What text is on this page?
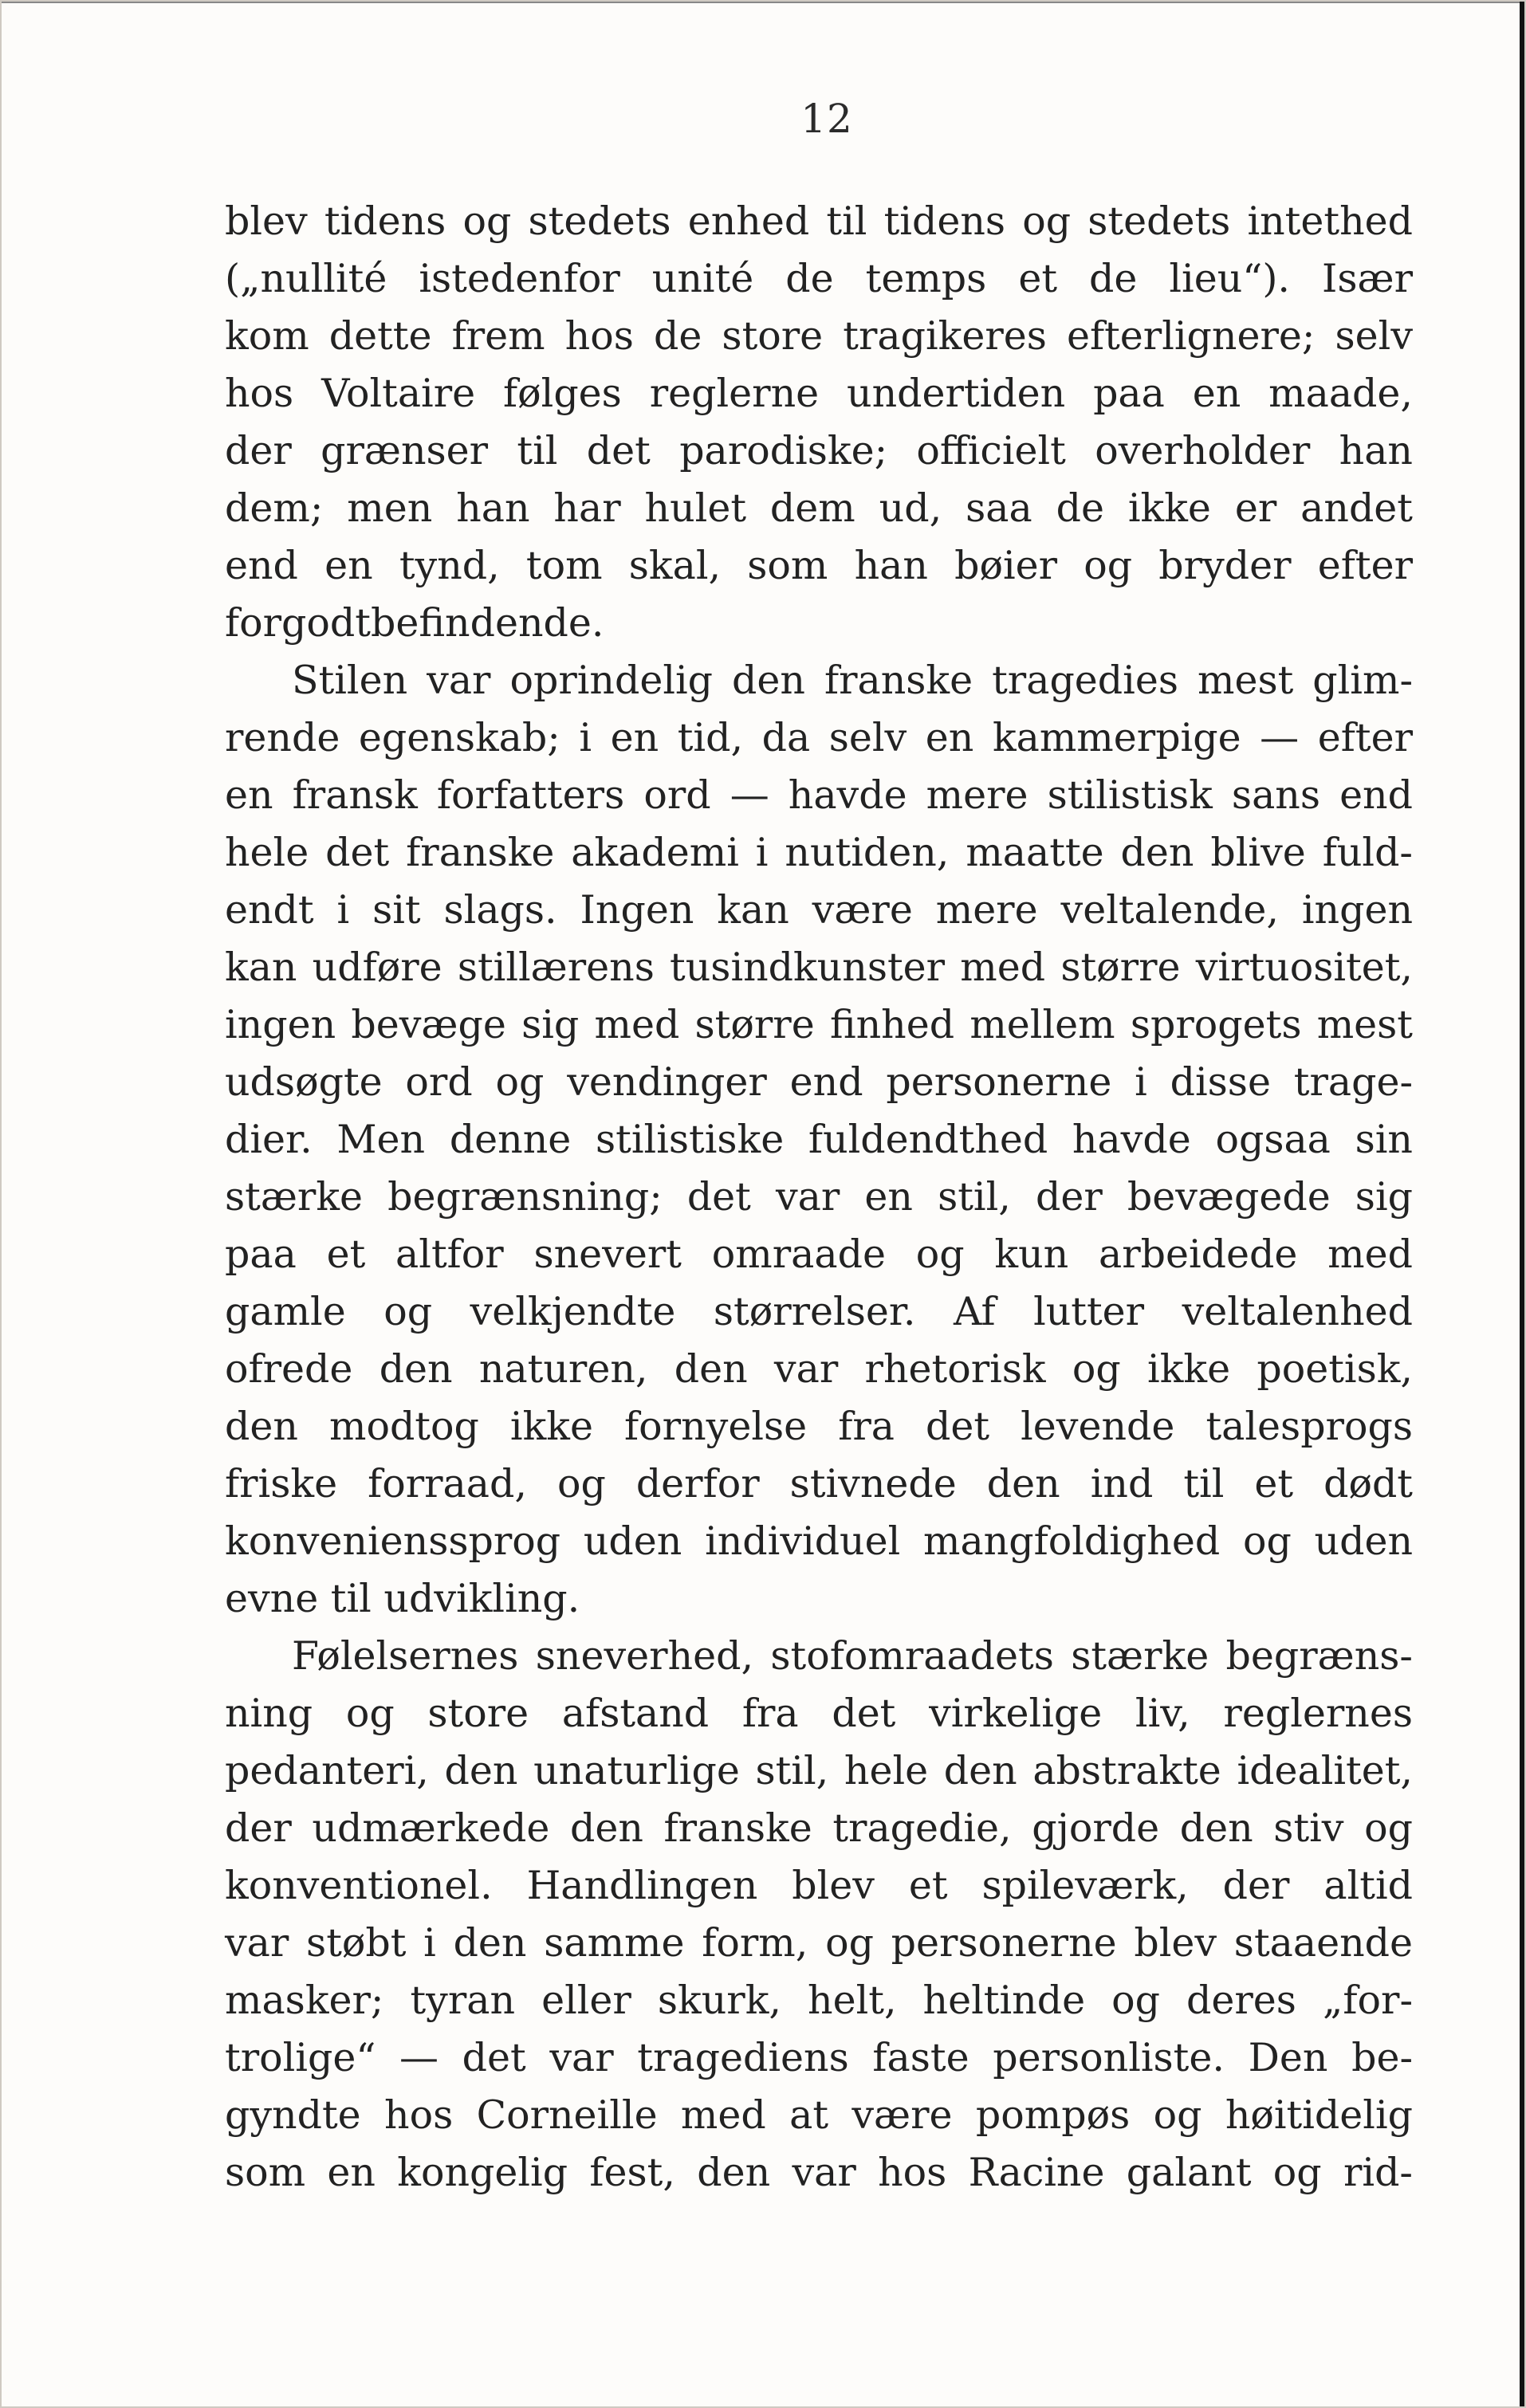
12
blev tidens og stedets enhed til tidens og stedets intethed
(„nullité istedenfor unité de temps et de lieu“). Især
kom dette frem hos de store tragikeres efterlignere; selv
hos Voltaire følges reglerne undertiden paa en maade,
der grænser til det parodiske; officielt overholder han
dem; men han har hulet dem ud, saa de ikke er andet
end en tynd, tom skal, som han bøier og bryder efter
forgodtbefindende.
Stilen var oprindelig den franske tragedies mest glim-
rende egenskab; i en tid, da selv en kammerpige — efter
en fransk forfatters ord — havde mere stilistisk sans end
hele det franske akademi i nutiden, maatte den blive fuld-
endt i sit slags. Ingen kan være mere veltalende, ingen
kan udføre stillærens tusindkunster med større virtuositet,
ingen bevæge sig med større finhed mellem sprogets mest
udsøgte ord og vendinger end personerne i disse trage-
dier. Men denne stilistiske fuldendthed havde ogsaa sin
stærke begrænsning; det var en stil, der bevægede sig
paa et altfor snevert omraade og kun arbeidede med
gamle og velkjendte størrelser. Af lutter veltalenhed
ofrede den naturen, den var rhetorisk og ikke poetisk,
den modtog ikke fornyelse fra det levende talesprogs
friske forraad, og derfor stivnede den ind til et dødt
konvenienssprog uden individuel mangfoldighed og uden
evne til udvikling.
Følelsernes sneverhed, stofomraadets stærke begræns-
ning og store afstand fra det virkelige liv, reglernes
pedanteri, den unaturlige stil, hele den abstrakte idealitet,
der udmærkede den franske tragedie, gjorde den stiv og
konventionel. Handlingen blev et spileværk, der altid
var støbt i den samme form, og personerne blev staaende
masker; tyran eller skurk, helt, heltinde og deres „for-
trolige“ — det var tragediens faste personliste. Den be-
gyndte hos Corneille med at være pompøs og høitidelig
som en kongelig fest, den var hos Racine galant og rid-
